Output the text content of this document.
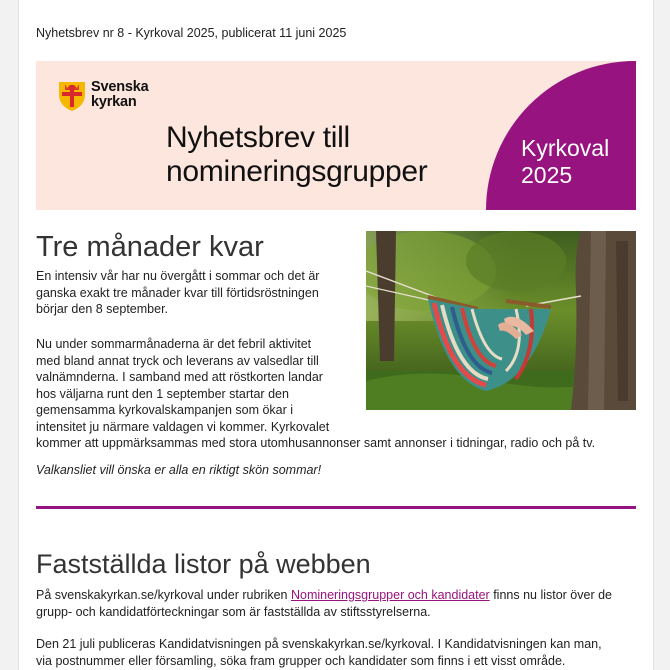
Nyhetsbrev nr 8 - Kyrkoval 2025, publicerat 11 juni 2025
Svenska
kyrkan
Nyhetsbrev till
nomineringsgrupper
Kyrkoval
2025
Tre månader kvar
En intensiv vår har nu övergått i sommar och det är
ganska exakt tre månader kvar till förtidsröstningen
börjar den 8 september.
Nu under sommarmånaderna är det febril aktivitet
med bland annat tryck och leverans av valsedlar till
valnämnderna. I samband med att röstkorten landar
hos väljarna runt den 1 september startar den
gemensamma kyrkovalskampanjen som ökar i
intensitet ju närmare valdagen vi kommer. Kyrkovalet
kommer att uppmärksammas med stora utomhusannonser samt annonser i tidningar, radio och på tv.
Valkansliet vill önska er alla en riktigt skön sommar!
Fastställda listor på webben
På svenskakyrkan.se/kyrkoval under rubriken Nomineringsgrupper och kandidater finns nu listor över de
grupp- och kandidatförteckningar som är fastställda av stiftsstyrelserna.
Den 21 juli publiceras Kandidatvisningen på svenskakyrkan.se/kyrkoval. I Kandidatvisningen kan man,
via postnummer eller församling, söka fram grupper och kandidater som finns i ett visst område.
